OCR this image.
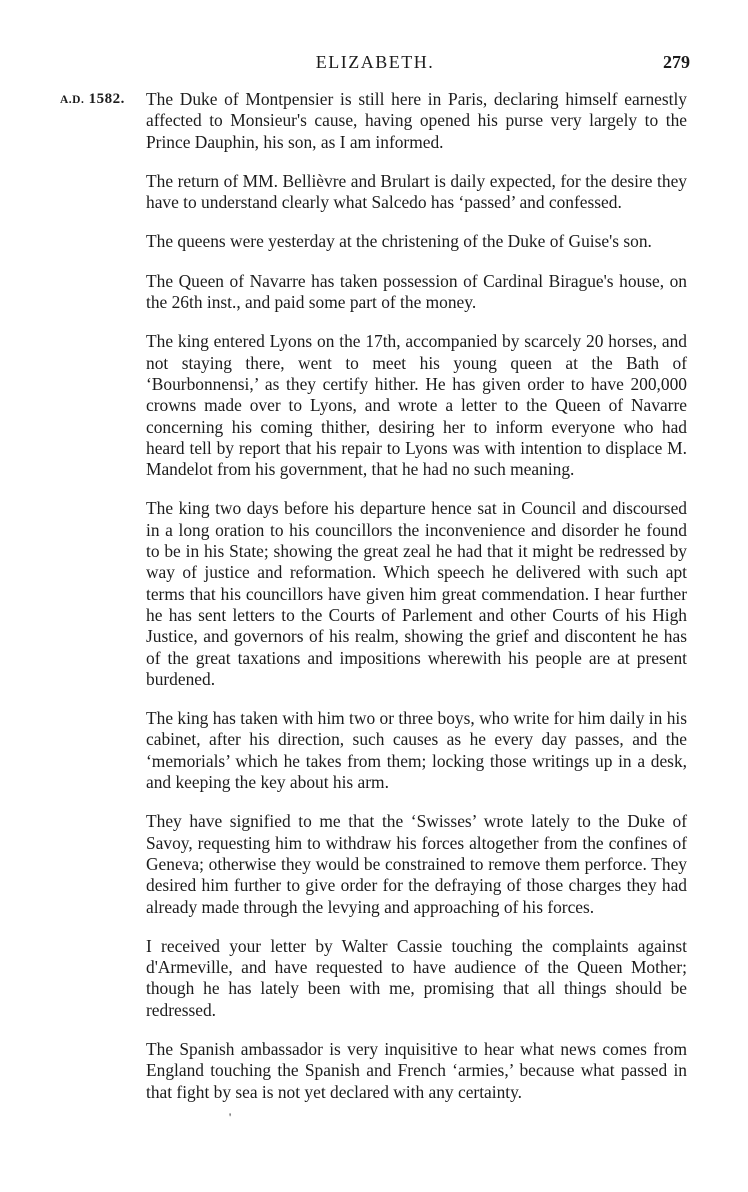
ELIZABETH.	279
A.D. 1582. The Duke of Montpensier is still here in Paris, declaring himself earnestly affected to Monsieur's cause, having opened his purse very largely to the Prince Dauphin, his son, as I am informed.

The return of MM. Bellièvre and Brulart is daily expected, for the desire they have to understand clearly what Salcedo has ‘passed’ and confessed.

The queens were yesterday at the christening of the Duke of Guise's son.

The Queen of Navarre has taken possession of Cardinal Birague's house, on the 26th inst., and paid some part of the money.

The king entered Lyons on the 17th, accompanied by scarcely 20 horses, and not staying there, went to meet his young queen at the Bath of ‘Bourbonnensi,’ as they certify hither. He has given order to have 200,000 crowns made over to Lyons, and wrote a letter to the Queen of Navarre concerning his coming thither, desiring her to inform everyone who had heard tell by report that his repair to Lyons was with intention to displace M. Mandelot from his government, that he had no such meaning.

The king two days before his departure hence sat in Council and discoursed in a long oration to his councillors the inconvenience and disorder he found to be in his State; showing the great zeal he had that it might be redressed by way of justice and reformation. Which speech he delivered with such apt terms that his councillors have given him great commendation. I hear further he has sent letters to the Courts of Parlement and other Courts of his High Justice, and governors of his realm, showing the grief and discontent he has of the great taxations and impositions wherewith his people are at present burdened.

The king has taken with him two or three boys, who write for him daily in his cabinet, after his direction, such causes as he every day passes, and the ‘memorials’ which he takes from them; locking those writings up in a desk, and keeping the key about his arm.

They have signified to me that the ‘Swisses’ wrote lately to the Duke of Savoy, requesting him to withdraw his forces altogether from the confines of Geneva; otherwise they would be constrained to remove them perforce. They desired him further to give order for the defraying of those charges they had already made through the levying and approaching of his forces.

I received your letter by Walter Cassie touching the complaints against d'Armeville, and have requested to have audience of the Queen Mother; though he has lately been with me, promising that all things should be redressed.

The Spanish ambassador is very inquisitive to hear what news comes from England touching the Spanish and French ‘armies,’ because what passed in that fight by sea is not yet declared with any certainty.

'
